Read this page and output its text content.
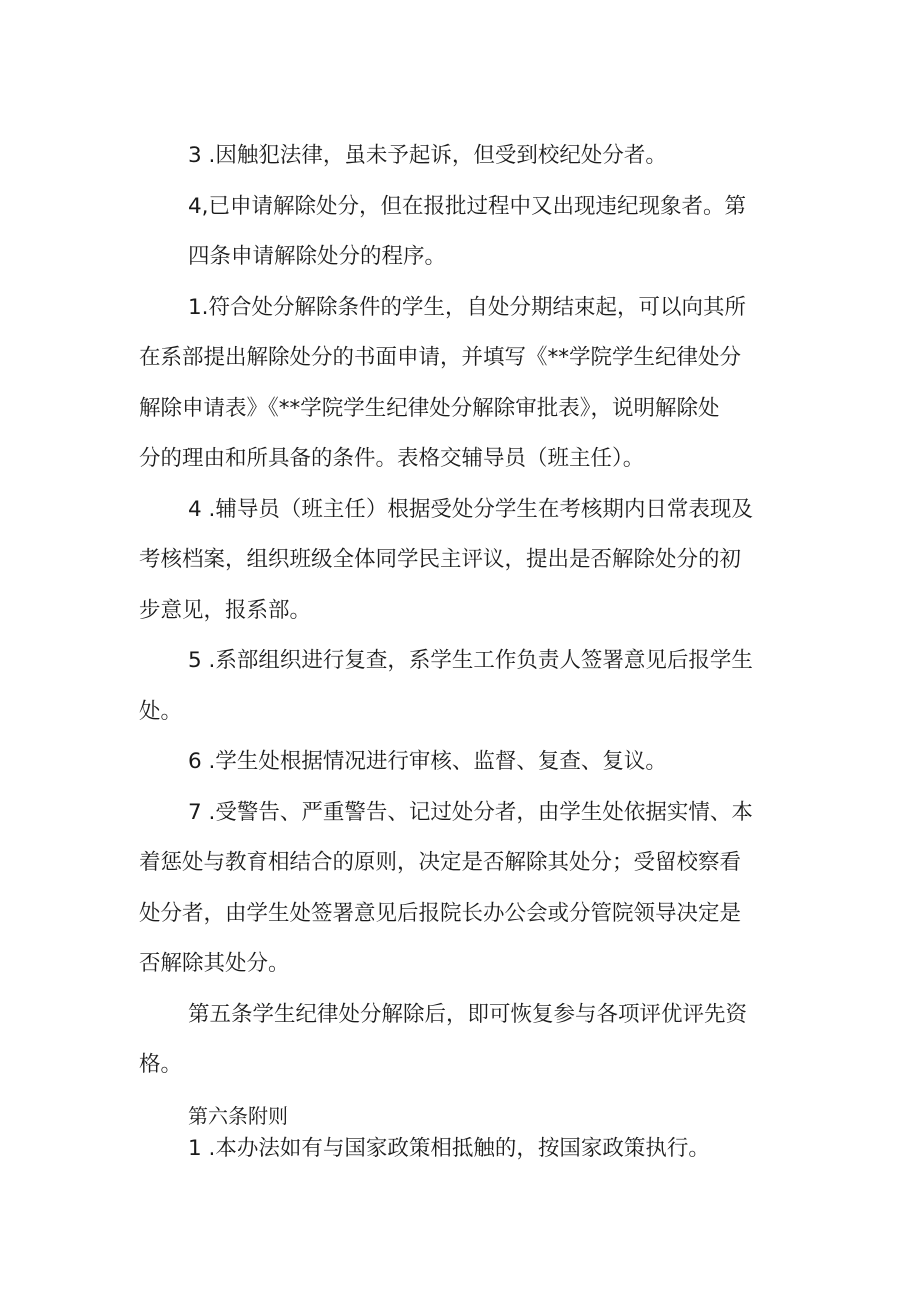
3 .因触犯法律，虽未予起诉，但受到校纪处分者。
4,已申请解除处分，但在报批过程中又出现违纪现象者。第
四条申请解除处分的程序。
1.符合处分解除条件的学生，自处分期结束起，可以向其所
在系部提出解除处分的书面申请，并填写《**学院学生纪律处分
解除申请表》《**学院学生纪律处分解除审批表》，说明解除处
分的理由和所具备的条件。表格交辅导员（班主任）。
4 .辅导员（班主任）根据受处分学生在考核期内日常表现及
考核档案，组织班级全体同学民主评议，提出是否解除处分的初
步意见，报系部。
5 .系部组织进行复查，系学生工作负责人签署意见后报学生
处。
6 .学生处根据情况进行审核、监督、复查、复议。
7 .受警告、严重警告、记过处分者，由学生处依据实情、本
着惩处与教育相结合的原则，决定是否解除其处分；受留校察看
处分者，由学生处签署意见后报院长办公会或分管院领导决定是
否解除其处分。
第五条学生纪律处分解除后，即可恢复参与各项评优评先资
格。
第六条附则
1 .本办法如有与国家政策相抵触的，按国家政策执行。
